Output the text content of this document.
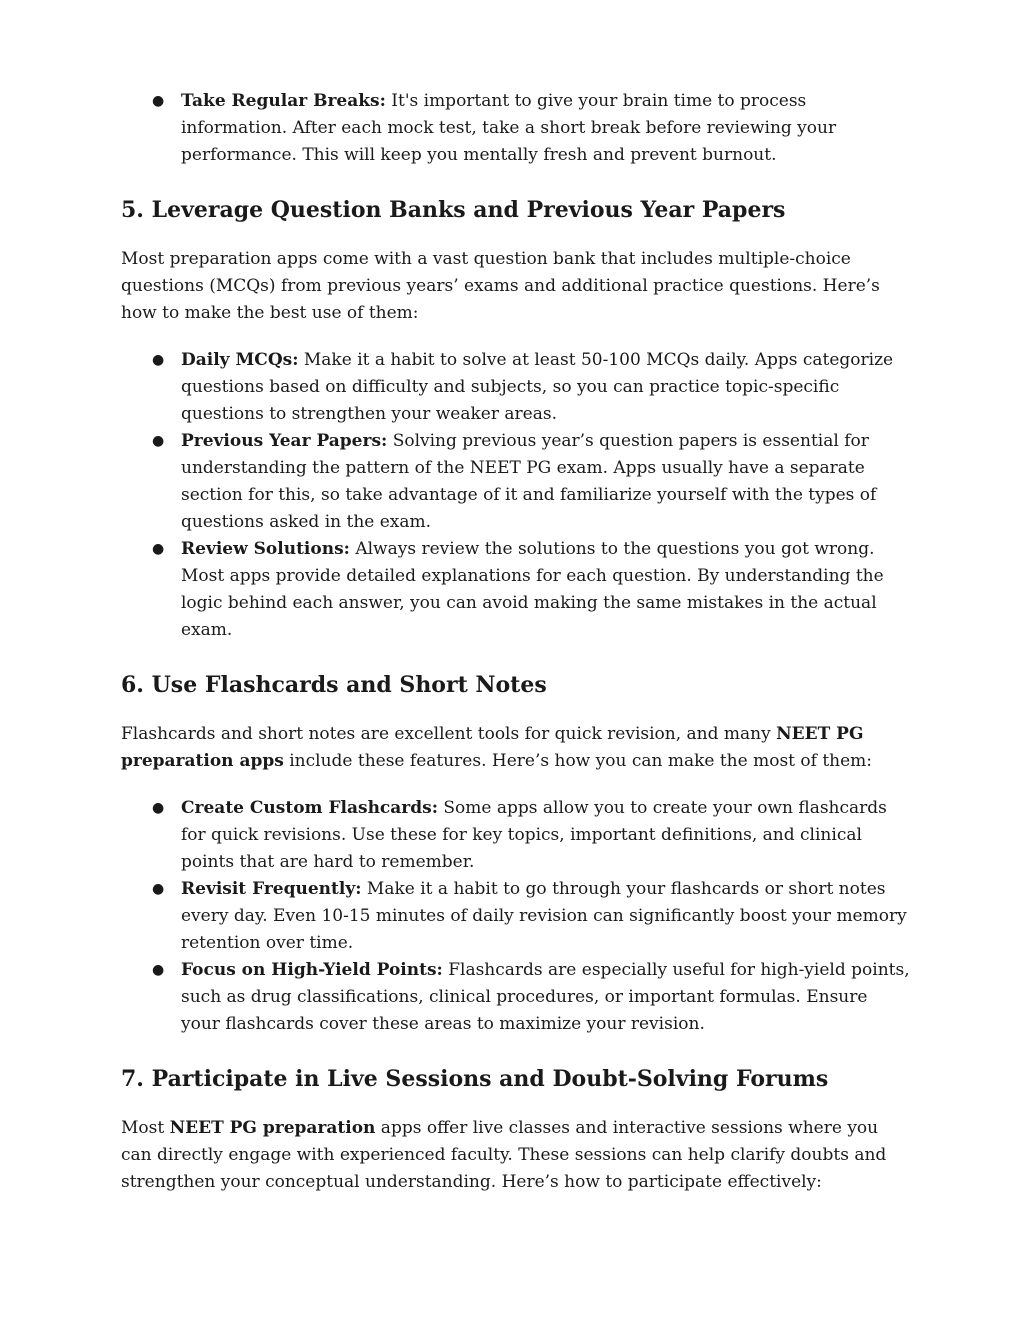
● Take Regular Breaks: It's important to give your brain time to process information. After each mock test, take a short break before reviewing your performance. This will keep you mentally fresh and prevent burnout.
5. Leverage Question Banks and Previous Year Papers

Most preparation apps come with a vast question bank that includes multiple-choice questions (MCQs) from previous years’ exams and additional practice questions. Here’s how to make the best use of them:

● Daily MCQs: Make it a habit to solve at least 50-100 MCQs daily. Apps categorize questions based on difficulty and subjects, so you can practice topic-specific questions to strengthen your weaker areas.
● Previous Year Papers: Solving previous year’s question papers is essential for understanding the pattern of the NEET PG exam. Apps usually have a separate section for this, so take advantage of it and familiarize yourself with the types of questions asked in the exam.
● Review Solutions: Always review the solutions to the questions you got wrong. Most apps provide detailed explanations for each question. By understanding the logic behind each answer, you can avoid making the same mistakes in the actual exam.
6. Use Flashcards and Short Notes

Flashcards and short notes are excellent tools for quick revision, and many NEET PG preparation apps include these features. Here’s how you can make the most of them:

● Create Custom Flashcards: Some apps allow you to create your own flashcards for quick revisions. Use these for key topics, important definitions, and clinical points that are hard to remember.
● Revisit Frequently: Make it a habit to go through your flashcards or short notes every day. Even 10-15 minutes of daily revision can significantly boost your memory retention over time.
● Focus on High-Yield Points: Flashcards are especially useful for high-yield points, such as drug classifications, clinical procedures, or important formulas. Ensure your flashcards cover these areas to maximize your revision.
7. Participate in Live Sessions and Doubt-Solving Forums

Most NEET PG preparation apps offer live classes and interactive sessions where you can directly engage with experienced faculty. These sessions can help clarify doubts and strengthen your conceptual understanding. Here’s how to participate effectively:
